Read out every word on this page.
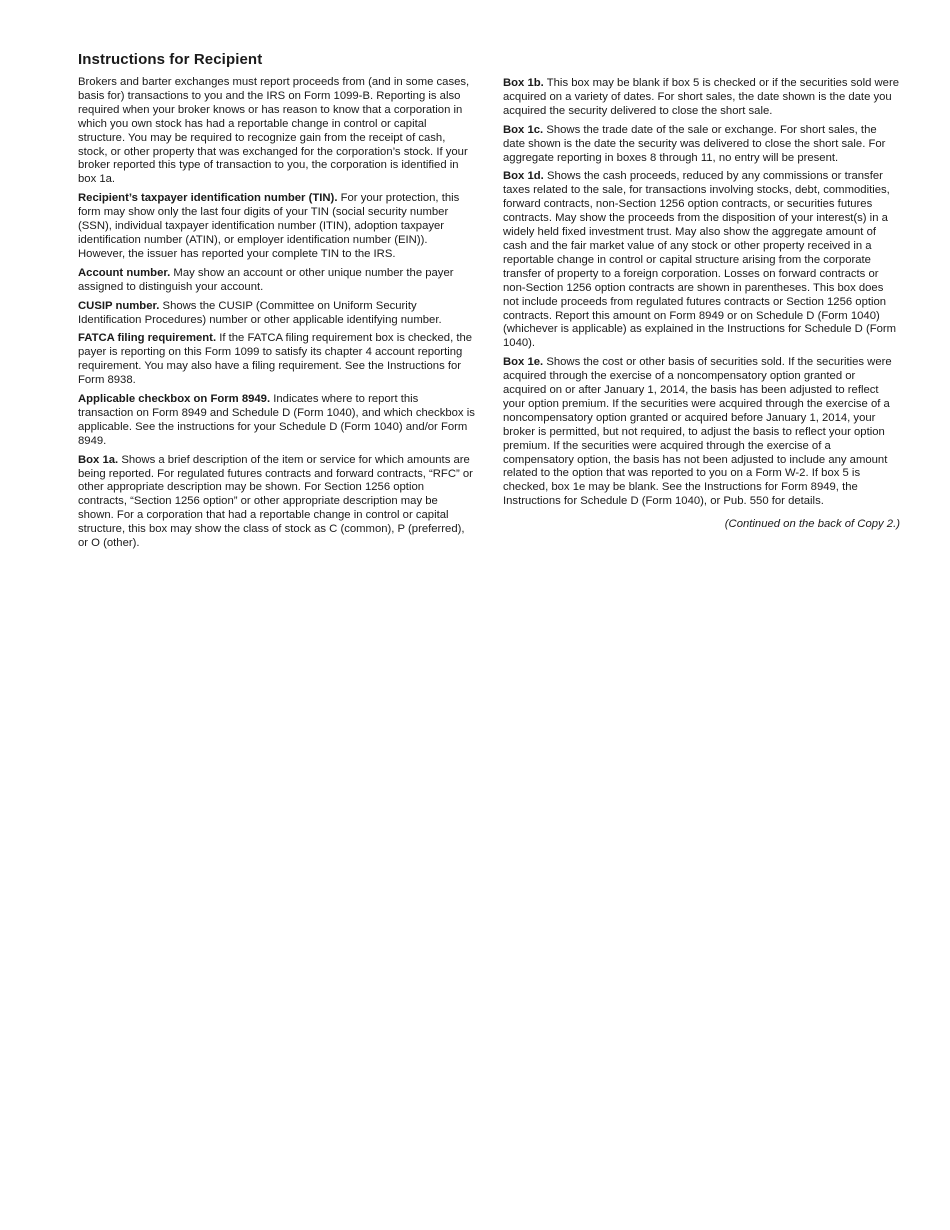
Instructions for Recipient

Brokers and barter exchanges must report proceeds from (and in some cases, basis for) transactions to you and the IRS on Form 1099-B. Reporting is also required when your broker knows or has reason to know that a corporation in which you own stock has had a reportable change in control or capital structure. You may be required to recognize gain from the receipt of cash, stock, or other property that was exchanged for the corporation’s stock. If your broker reported this type of transaction to you, the corporation is identified in box 1a.

Recipient’s taxpayer identification number (TIN). For your protection, this form may show only the last four digits of your TIN (social security number (SSN), individual taxpayer identification number (ITIN), adoption taxpayer identification number (ATIN), or employer identification number (EIN)). However, the issuer has reported your complete TIN to the IRS.

Account number. May show an account or other unique number the payer assigned to distinguish your account.

CUSIP number. Shows the CUSIP (Committee on Uniform Security Identification Procedures) number or other applicable identifying number.

FATCA filing requirement. If the FATCA filing requirement box is checked, the payer is reporting on this Form 1099 to satisfy its chapter 4 account reporting requirement. You may also have a filing requirement. See the Instructions for Form 8938.

Applicable checkbox on Form 8949. Indicates where to report this transaction on Form 8949 and Schedule D (Form 1040), and which checkbox is applicable. See the instructions for your Schedule D (Form 1040) and/or Form 8949.

Box 1a. Shows a brief description of the item or service for which amounts are being reported. For regulated futures contracts and forward contracts, “RFC” or other appropriate description may be shown. For Section 1256 option contracts, “Section 1256 option” or other appropriate description may be shown. For a corporation that had a reportable change in control or capital structure, this box may show the class of stock as C (common), P (preferred), or O (other).

Box 1b. This box may be blank if box 5 is checked or if the securities sold were acquired on a variety of dates. For short sales, the date shown is the date you acquired the security delivered to close the short sale.

Box 1c. Shows the trade date of the sale or exchange. For short sales, the date shown is the date the security was delivered to close the short sale. For aggregate reporting in boxes 8 through 11, no entry will be present.

Box 1d. Shows the cash proceeds, reduced by any commissions or transfer taxes related to the sale, for transactions involving stocks, debt, commodities, forward contracts, non-Section 1256 option contracts, or securities futures contracts. May show the proceeds from the disposition of your interest(s) in a widely held fixed investment trust. May also show the aggregate amount of cash and the fair market value of any stock or other property received in a reportable change in control or capital structure arising from the corporate transfer of property to a foreign corporation. Losses on forward contracts or non-Section 1256 option contracts are shown in parentheses. This box does not include proceeds from regulated futures contracts or Section 1256 option contracts. Report this amount on Form 8949 or on Schedule D (Form 1040) (whichever is applicable) as explained in the Instructions for Schedule D (Form 1040).

Box 1e. Shows the cost or other basis of securities sold. If the securities were acquired through the exercise of a noncompensatory option granted or acquired on or after January 1, 2014, the basis has been adjusted to reflect your option premium. If the securities were acquired through the exercise of a noncompensatory option granted or acquired before January 1, 2014, your broker is permitted, but not required, to adjust the basis to reflect your option premium. If the securities were acquired through the exercise of a compensatory option, the basis has not been adjusted to include any amount related to the option that was reported to you on a Form W-2. If box 5 is checked, box 1e may be blank. See the Instructions for Form 8949, the Instructions for Schedule D (Form 1040), or Pub. 550 for details.

(Continued on the back of Copy 2.)
